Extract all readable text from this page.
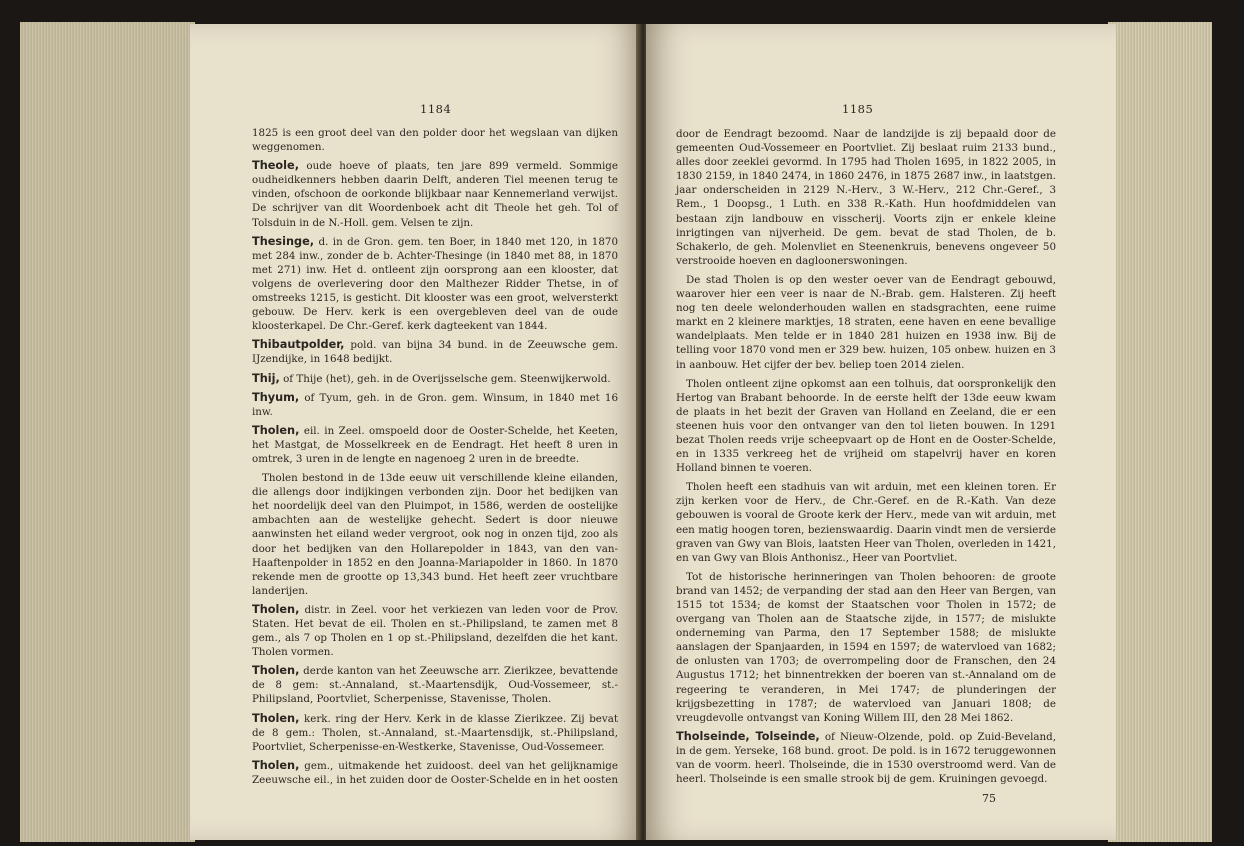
1184

1825 is een groot deel van den polder door het wegslaan van dijken weggenomen.

Theole, oude hoeve of plaats, ten jare 899 vermeld. Sommige oudheidkenners hebben daarin Delft, anderen Tiel meenen terug te vinden, ofschoon de oorkonde blijkbaar naar Kennemerland verwijst. De schrijver van dit Woordenboek acht dit Theole het geh. Tol of Tolsduin in de N.-Holl. gem. Velsen te zijn.

Thesinge, d. in de Gron. gem. ten Boer, in 1840 met 120, in 1870 met 284 inw., zonder de b. Achter-Thesinge (in 1840 met 88, in 1870 met 271) inw. Het d. ontleent zijn oorsprong aan een klooster, dat volgens de overlevering door den Malthezer Ridder Thetse, in of omstreeks 1215, is gesticht. Dit klooster was een groot, welversterkt gebouw. De Herv. kerk is een overgebleven deel van de oude kloosterkapel. De Chr.-Geref. kerk dagteekent van 1844.

Thibautpolder, pold. van bijna 34 bund. in de Zeeuwsche gem. IJzendijke, in 1648 bedijkt.

Thij, of Thije (het), geh. in de Overijsselsche gem. Steenwijkerwold.

Thyum, of Tyum, geh. in de Gron. gem. Winsum, in 1840 met 16 inw.

Tholen, eil. in Zeel. omspoeld door de Ooster-Schelde, het Keeten, het Mastgat, de Mosselkreek en de Eendragt. Het heeft 8 uren in omtrek, 3 uren in de lengte en nagenoeg 2 uren in de breedte.

Tholen bestond in de 13de eeuw uit verschillende kleine eilanden, die allengs door indijkingen verbonden zijn. Door het bedijken van het noordelijk deel van den Pluimpot, in 1586, werden de oostelijke ambachten aan de westelijke gehecht. Sedert is door nieuwe aanwinsten het eiland weder vergroot, ook nog in onzen tijd, zoo als door het bedijken van den Hollarepolder in 1843, van den van-Haaftenpolder in 1852 en den Joanna-Mariapolder in 1860. In 1870 rekende men de grootte op 13,343 bund. Het heeft zeer vruchtbare landerijen.

Tholen, distr. in Zeel. voor het verkiezen van leden voor de Prov. Staten. Het bevat de eil. Tholen en st.-Philipsland, te zamen met 8 gem., als 7 op Tholen en 1 op st.-Philipsland, dezelfden die het kant. Tholen vormen.

Tholen, derde kanton van het Zeeuwsche arr. Zierikzee, bevattende de 8 gem: st.-Annaland, st.-Maartensdijk, Oud-Vossemeer, st.-Philipsland, Poortvliet, Scherpenisse, Stavenisse, Tholen.

Tholen, kerk. ring der Herv. Kerk in de klasse Zierikzee. Zij bevat de 8 gem.: Tholen, st.-Annaland, st.-Maartensdijk, st.-Philipsland, Poortvliet, Scherpenisse-en-Westkerke, Stavenisse, Oud-Vossemeer.

Tholen, gem., uitmakende het zuidoost. deel van het gelijknamige Zeeuwsche eil., in het zuiden door de Ooster-Schelde en in het oosten

1185

door de Eendragt bezoomd. Naar de landzijde is zij bepaald door de gemeenten Oud-Vossemeer en Poortvliet. Zij beslaat ruim 2133 bund., alles door zeeklei gevormd. In 1795 had Tholen 1695, in 1822 2005, in 1830 2159, in 1840 2474, in 1860 2476, in 1875 2687 inw., in laatstgen. jaar onderscheiden in 2129 N.-Herv., 3 W.-Herv., 212 Chr.-Geref., 3 Rem., 1 Doopsg., 1 Luth. en 338 R.-Kath. Hun hoofdmiddelen van bestaan zijn landbouw en visscherij. Voorts zijn er enkele kleine inrigtingen van nijverheid. De gem. bevat de stad Tholen, de b. Schakerlo, de geh. Molenvliet en Steenenkruis, benevens ongeveer 50 verstrooide hoeven en dagloonerswoningen.

De stad Tholen is op den wester oever van de Eendragt gebouwd, waarover hier een veer is naar de N.-Brab. gem. Halsteren. Zij heeft nog ten deele welonderhouden wallen en stadsgrachten, eene ruime markt en 2 kleinere marktjes, 18 straten, eene haven en eene bevallige wandelplaats. Men telde er in 1840 281 huizen en 1938 inw. Bij de telling voor 1870 vond men er 329 bew. huizen, 105 onbew. huizen en 3 in aanbouw. Het cijfer der bev. beliep toen 2014 zielen.

Tholen ontleent zijne opkomst aan een tolhuis, dat oorspronkelijk den Hertog van Brabant behoorde. In de eerste helft der 13de eeuw kwam de plaats in het bezit der Graven van Holland en Zeeland, die er een steenen huis voor den ontvanger van den tol lieten bouwen. In 1291 bezat Tholen reeds vrije scheepvaart op de Hont en de Ooster-Schelde, en in 1335 verkreeg het de vrijheid om stapelvrij haver en koren Holland binnen te voeren.

Tholen heeft een stadhuis van wit arduin, met een kleinen toren. Er zijn kerken voor de Herv., de Chr.-Geref. en de R.-Kath. Van deze gebouwen is vooral de Groote kerk der Herv., mede van wit arduin, met een matig hoogen toren, bezienswaardig. Daarin vindt men de versierde graven van Gwy van Blois, laatsten Heer van Tholen, overleden in 1421, en van Gwy van Blois Anthonisz., Heer van Poortvliet.

Tot de historische herinneringen van Tholen behooren: de groote brand van 1452; de verpanding der stad aan den Heer van Bergen, van 1515 tot 1534; de komst der Staatschen voor Tholen in 1572; de overgang van Tholen aan de Staatsche zijde, in 1577; de mislukte onderneming van Parma, den 17 September 1588; de mislukte aanslagen der Spanjaarden, in 1594 en 1597; de watervloed van 1682; de onlusten van 1703; de overrompeling door de Franschen, den 24 Augustus 1712; het binnentrekken der boeren van st.-Annaland om de regeering te veranderen, in Mei 1747; de plunderingen der krijgsbezetting in 1787; de watervloed van Januari 1808; de vreugdevolle ontvangst van Koning Willem III, den 28 Mei 1862.

Tholseinde, Tolseinde, of Nieuw-Olzende, pold. op Zuid-Beveland, in de gem. Yerseke, 168 bund. groot. De pold. is in 1672 teruggewonnen van de voorm. heerl. Tholseinde, die in 1530 overstroomd werd. Van de heerl. Tholseinde is een smalle strook bij de gem. Kruiningen gevoegd.

75
